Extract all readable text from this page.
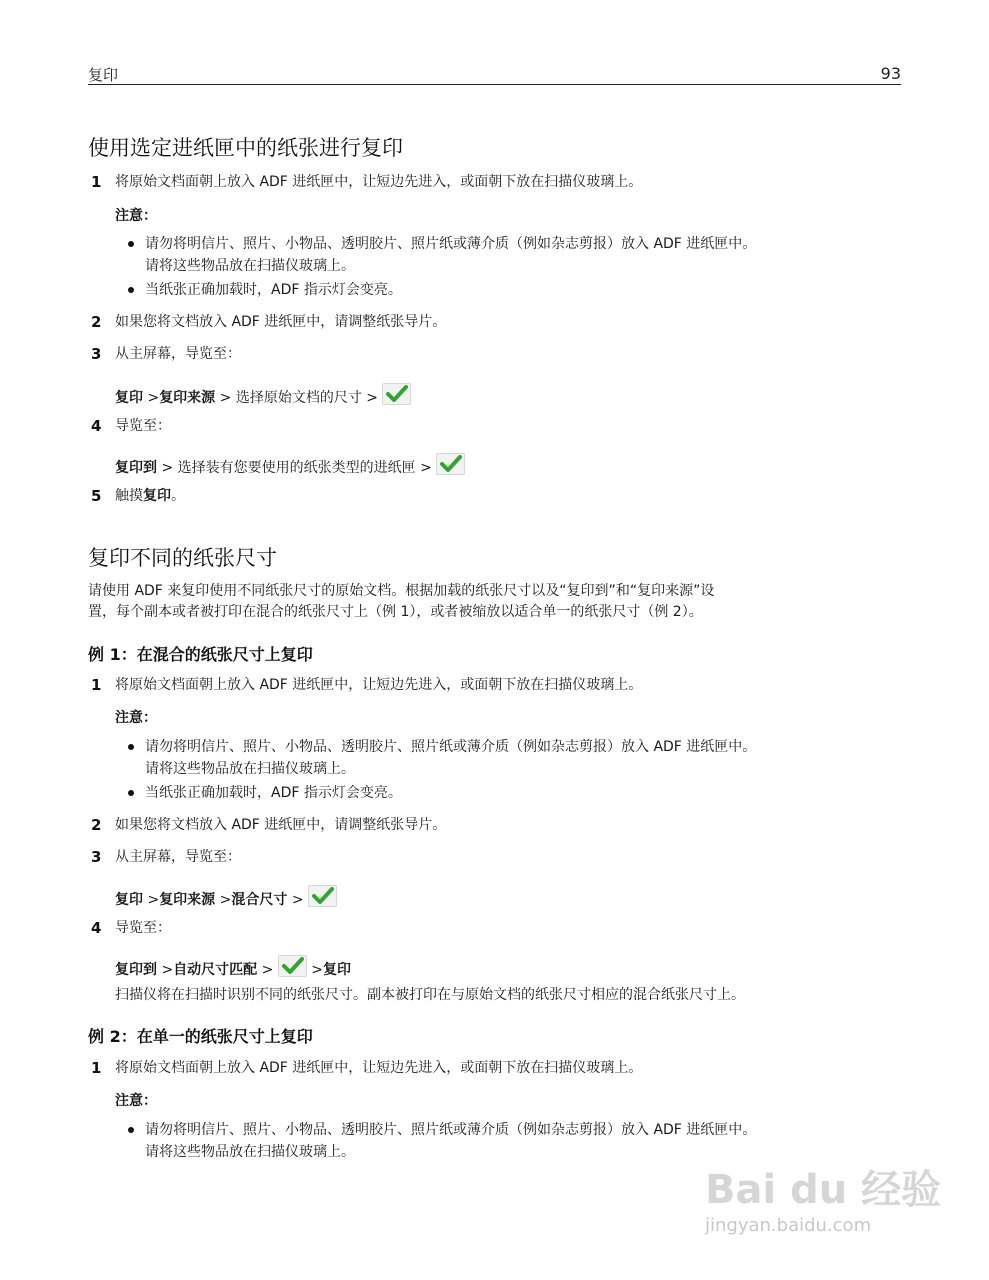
复印	93
使用选定进纸匣中的纸张进行复印
1 将原始文档面朝上放入 ADF 进纸匣中，让短边先进入，或面朝下放在扫描仪玻璃上。
注意：
请勿将明信片、照片、小物品、透明胶片、照片纸或薄介质（例如杂志剪报）放入 ADF 进纸匣中。
请将这些物品放在扫描仪玻璃上。
当纸张正确加载时，ADF 指示灯会变亮。
2 如果您将文档放入 ADF 进纸匣中，请调整纸张导片。
3 从主屏幕，导览至：
复印 >复印来源 > 选择原始文档的尺寸 >
4 导览至：
复印到 > 选择装有您要使用的纸张类型的进纸匣 >
5 触摸复印。
复印不同的纸张尺寸
请使用 ADF 来复印使用不同纸张尺寸的原始文档。根据加载的纸张尺寸以及“复印到”和“复印来源”设
置，每个副本或者被打印在混合的纸张尺寸上（例 1），或者被缩放以适合单一的纸张尺寸（例 2）。
例 1：在混合的纸张尺寸上复印
1 将原始文档面朝上放入 ADF 进纸匣中，让短边先进入，或面朝下放在扫描仪玻璃上。
注意：
请勿将明信片、照片、小物品、透明胶片、照片纸或薄介质（例如杂志剪报）放入 ADF 进纸匣中。
请将这些物品放在扫描仪玻璃上。
当纸张正确加载时，ADF 指示灯会变亮。
2 如果您将文档放入 ADF 进纸匣中，请调整纸张导片。
3 从主屏幕，导览至：
复印 >复印来源 >混合尺寸 >
4 导览至：
复印到 >自动尺寸匹配 >
>复印
扫描仪将在扫描时识别不同的纸张尺寸。副本被打印在与原始文档的纸张尺寸相应的混合纸张尺寸上。
例 2：在单一的纸张尺寸上复印
1 将原始文档面朝上放入 ADF 进纸匣中，让短边先进入，或面朝下放在扫描仪玻璃上。
注意：
请勿将明信片、照片、小物品、透明胶片、照片纸或薄介质（例如杂志剪报）放入 ADF 进纸匣中。
请将这些物品放在扫描仪玻璃上。
Bai du 经验
jingyan.baidu.com
